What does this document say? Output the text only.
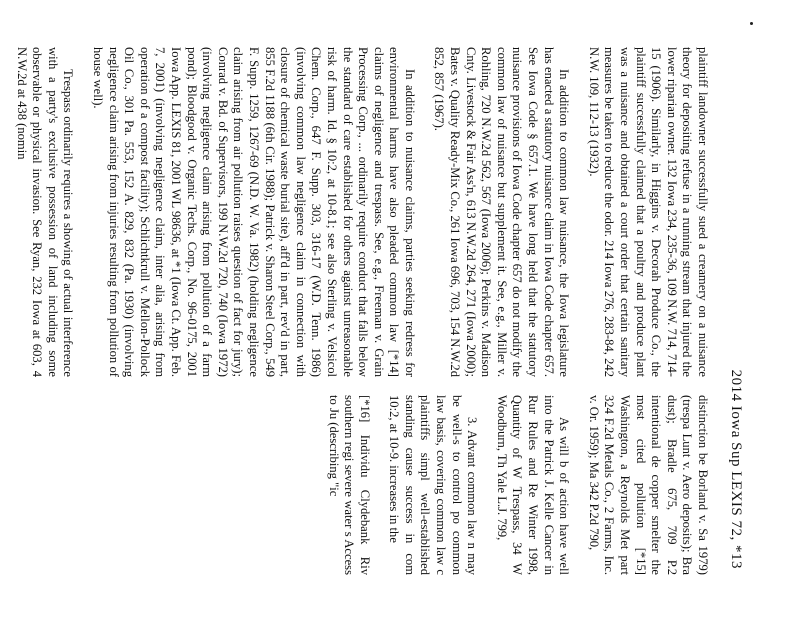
2014 Iowa Sup LEXIS 72, *13

plaintiff landowner successfully sued a creamery on a nuisance theory for depositing refuse in a running stream that injured the lower riparian owner. 132 Iowa 234, 235-36, 109 N.W. 714, 714-15 (1906). Similarly, in Higgins v. Decorah Produce Co., the plaintiff successfully claimed that a poultry and produce plant was a nuisance and obtained a court order that certain sanitary measures be taken to reduce the odor. 214 Iowa 276, 283-84, 242 N.W. 109, 112-13 (1932).

In addition to common law nuisance, the Iowa legislature has enacted a statutory nuisance claim in Iowa Code chapter 657. See Iowa Code § 657.1. We have long held that the statutory nuisance provisions of Iowa Code chapter 657 do not modify the common law of nuisance but supplement it. See, e.g., Miller v. Rohling, 720 N.W.2d 562, 567 (Iowa 2006); Perkins v. Madison Cnty. Livestock & Fair Ass'n, 613 N.W.2d 264, 271 (Iowa 2000); Bates v. Quality Ready-Mix Co., 261 Iowa 696, 703, 154 N.W.2d 852, 857 (1967).

In addition to nuisance claims, parties seeking redress for environmental harms have also pleaded common law [*14] claims of negligence and trespass. See, e.g., Freeman v. Grain Processing Corp., ... ordinarily require conduct that falls below the standard of care established for others against unreasonable risk of harm. Id. § 10:2, at 10-8.1; see also Sterling v. Velsicol Chem. Corp., 647 F. Supp. 303, 316-17 (W.D. Tenn. 1986) (involving common law negligence claim in connection with closure of chemical waste burial site), aff'd in part, rev'd in part, 855 F.2d 1188 (6th Cir. 1988); Patrick v. Sharon Steel Corp., 549 F. Supp. 1259, 1267-69 (N.D. W. Va. 1982) (holding negligence claim arising from air pollution raises question of fact for jury); Conrad v. Bd. of Supervisors, 199 N.W.2d 720, 740 (Iowa 1972) (involving negligence claim arising from pollution of a farm pond); Bloodgood v. Organic Techs. Corp., No. 96-0175, 2001 Iowa App. LEXIS 81, 2001 WL 98636, at *1 (Iowa Ct. App. Feb. 7, 2001) (involving negligence claim, inter alia, arising from operation of a compost facility); Schlichtkrull v. Mellon-Pollock Oil Co., 301 Pa. 553, 152 A. 829, 832 (Pa. 1930) (involving negligence claim arising from injuries resulting from pollution of house well).

Trespass ordinarily requires a showing of actual interference with a party's exclusive possession of land including some observable or physical invasion. See Ryan, 232 Iowa at 603, 4 N.W.2d at 438 (nomin

distinction be Borland v. Sa 1979) (trespa Lunt v. Aero deposits); Bra dust); Bradle 675, 709 P.2 intentional de copper smelter the most cited pollution [*15] Washington, a Reynolds Met part 324 F.2d Metals Co., 2 Farms, Inc. v. Or. 1959); Ma 342 P.2d 790,

As will b of action have well into the Patrick J. Kelle Cancer in Rur Rules and Re Winter 1998, Quantity of W Trespass, 34 W Woodburn, Th Yale L.J. 799,

3. Advant common law n may be well-s to control po common law basis, covering common law c plaintiffs simpl well-established standing cause success in com 10:2, at 10-9. increases in the

[*16] Individu Clydebank Riv southern regi severe water s Access to Ju (describing "ic
